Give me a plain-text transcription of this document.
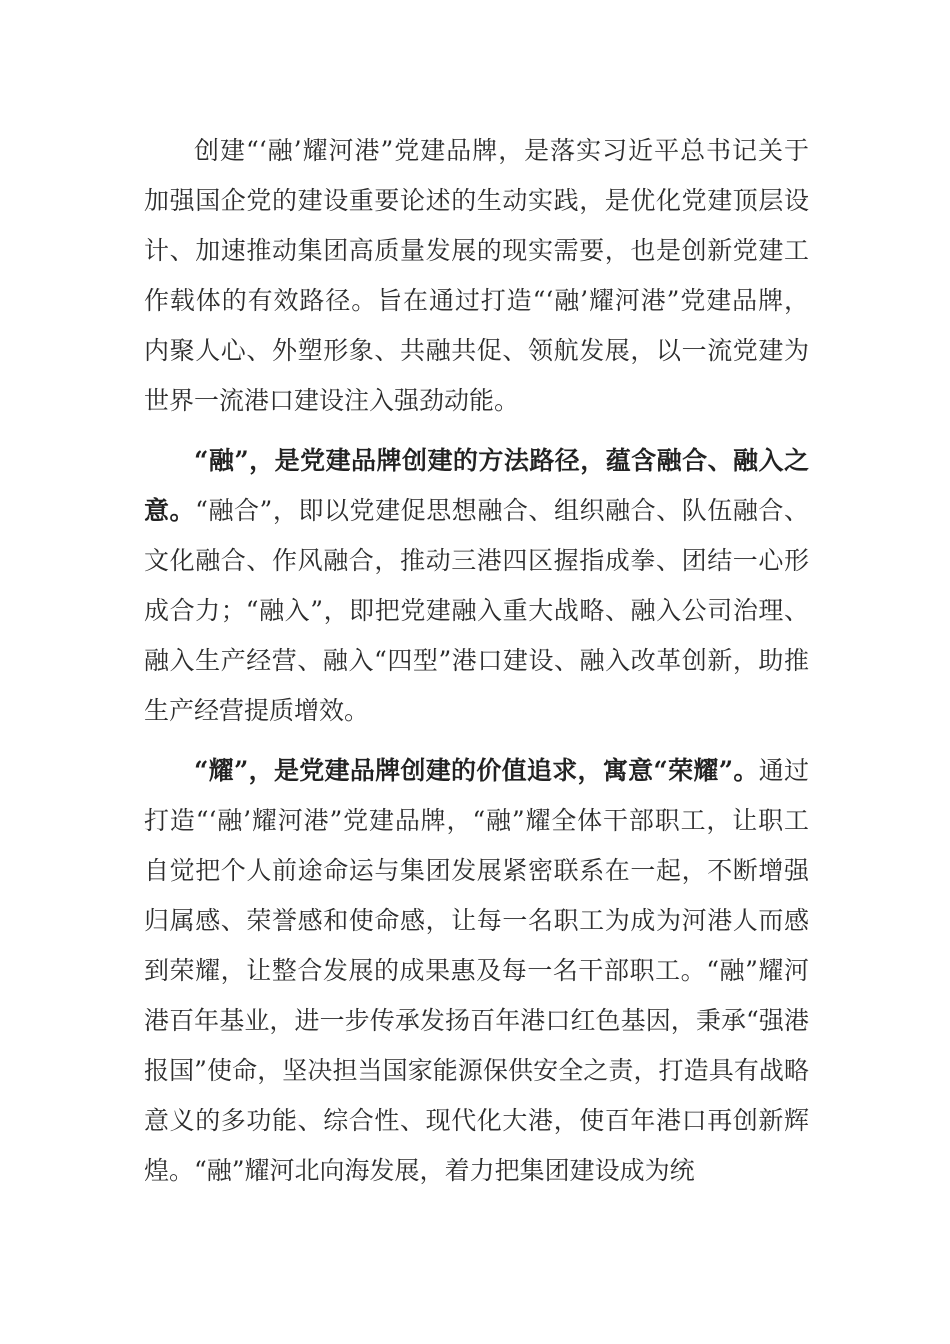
创建“‘融’耀河港”党建品牌，是落实习近平总书记关于加强国企党的建设重要论述的生动实践，是优化党建顶层设计、加速推动集团高质量发展的现实需要，也是创新党建工作载体的有效路径。旨在通过打造“‘融’耀河港”党建品牌，内聚人心、外塑形象、共融共促、领航发展，以一流党建为世界一流港口建设注入强劲动能。

“融”，是党建品牌创建的方法路径，蕴含融合、融入之意。“融合”，即以党建促思想融合、组织融合、队伍融合、文化融合、作风融合，推动三港四区握指成拳、团结一心形成合力；“融入”，即把党建融入重大战略、融入公司治理、融入生产经营、融入“四型”港口建设、融入改革创新，助推生产经营提质增效。

“耀”，是党建品牌创建的价值追求，寓意“荣耀”。通过打造“‘融’耀河港”党建品牌，“融”耀全体干部职工，让职工自觉把个人前途命运与集团发展紧密联系在一起，不断增强归属感、荣誉感和使命感，让每一名职工为成为河港人而感到荣耀，让整合发展的成果惠及每一名干部职工。“融”耀河港百年基业，进一步传承发扬百年港口红色基因，秉承“强港报国”使命，坚决担当国家能源保供安全之责，打造具有战略意义的多功能、综合性、现代化大港，使百年港口再创新辉煌。“融”耀河北向海发展，着力把集团建设成为统
